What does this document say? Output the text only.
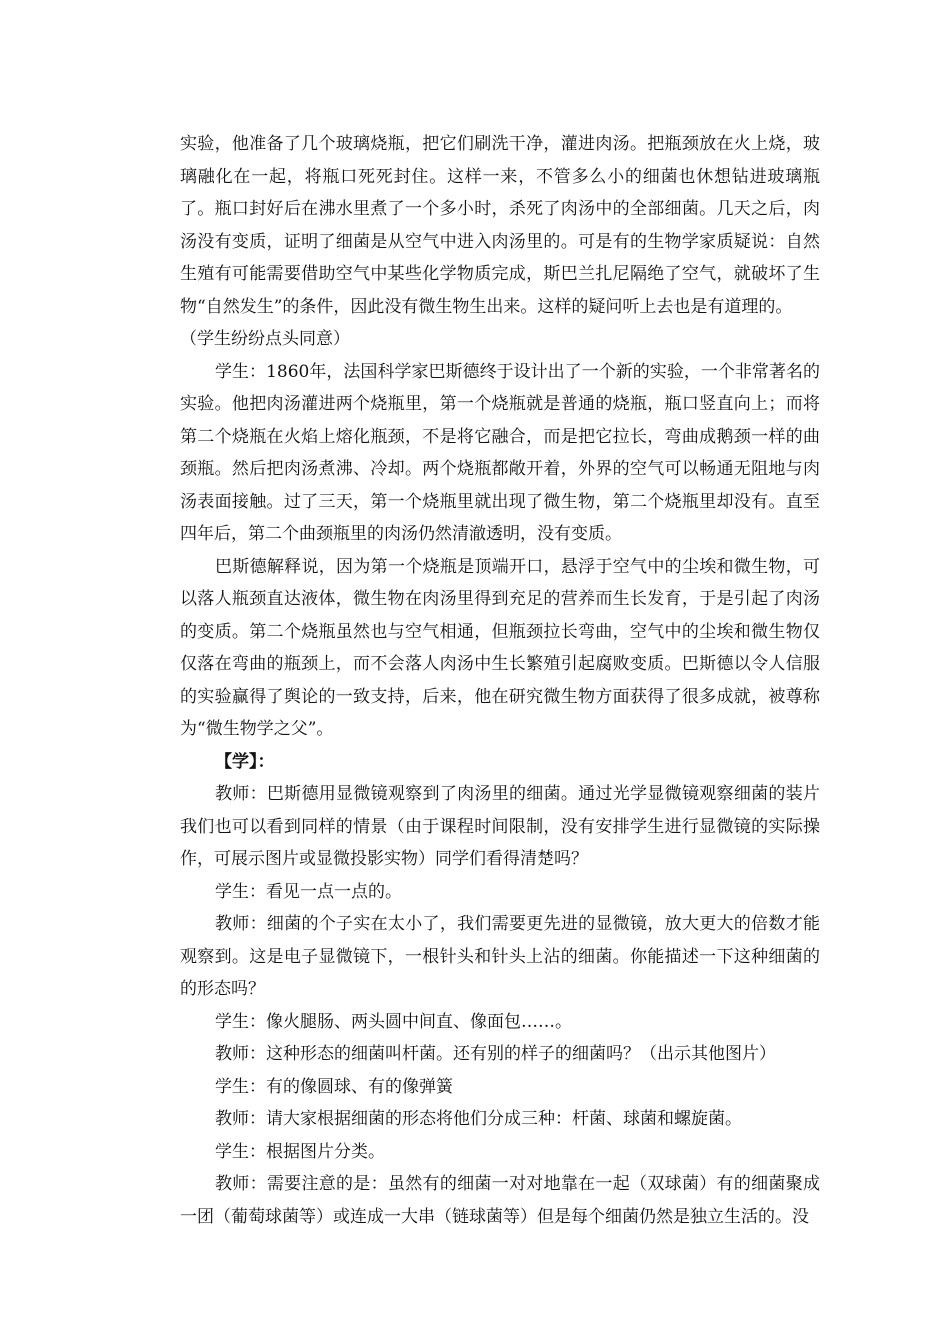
实验，他准备了几个玻璃烧瓶，把它们刷洗干净，灌进肉汤。把瓶颈放在火上烧，玻璃融化在一起，将瓶口死死封住。这样一来，不管多么小的细菌也休想钻进玻璃瓶了。瓶口封好后在沸水里煮了一个多小时，杀死了肉汤中的全部细菌。几天之后，肉汤没有变质，证明了细菌是从空气中进入肉汤里的。可是有的生物学家质疑说：自然生殖有可能需要借助空气中某些化学物质完成，斯巴兰扎尼隔绝了空气，就破坏了生物“自然发生”的条件，因此没有微生物生出来。这样的疑问听上去也是有道理的。

（学生纷纷点头同意）

学生：1860年，法国科学家巴斯德终于设计出了一个新的实验，一个非常著名的实验。他把肉汤灌进两个烧瓶里，第一个烧瓶就是普通的烧瓶，瓶口竖直向上；而将第二个烧瓶在火焰上熔化瓶颈，不是将它融合，而是把它拉长，弯曲成鹅颈一样的曲颈瓶。然后把肉汤煮沸、冷却。两个烧瓶都敞开着，外界的空气可以畅通无阻地与肉汤表面接触。过了三天，第一个烧瓶里就出现了微生物，第二个烧瓶里却没有。直至四年后，第二个曲颈瓶里的肉汤仍然清澈透明，没有变质。

巴斯德解释说，因为第一个烧瓶是顶端开口，悬浮于空气中的尘埃和微生物，可以落人瓶颈直达液体，微生物在肉汤里得到充足的营养而生长发育，于是引起了肉汤的变质。第二个烧瓶虽然也与空气相通，但瓶颈拉长弯曲，空气中的尘埃和微生物仅仅落在弯曲的瓶颈上，而不会落人肉汤中生长繁殖引起腐败变质。巴斯德以令人信服的实验赢得了舆论的一致支持，后来，他在研究微生物方面获得了很多成就，被尊称为“微生物学之父”。

【学】：

教师：巴斯德用显微镜观察到了肉汤里的细菌。通过光学显微镜观察细菌的装片我们也可以看到同样的情景（由于课程时间限制，没有安排学生进行显微镜的实际操作，可展示图片或显微投影实物）同学们看得清楚吗？

学生：看见一点一点的。

教师：细菌的个子实在太小了，我们需要更先进的显微镜，放大更大的倍数才能观察到。这是电子显微镜下，一根针头和针头上沾的细菌。你能描述一下这种细菌的的形态吗？

学生：像火腿肠、两头圆中间直、像面包……。

教师：这种形态的细菌叫杆菌。还有别的样子的细菌吗？（出示其他图片）

学生：有的像圆球、有的像弹簧

教师：请大家根据细菌的形态将他们分成三种：杆菌、球菌和螺旋菌。

学生：根据图片分类。

教师：需要注意的是：虽然有的细菌一对对地靠在一起（双球菌）有的细菌聚成一团（葡萄球菌等）或连成一大串（链球菌等）但是每个细菌仍然是独立生活的。没
